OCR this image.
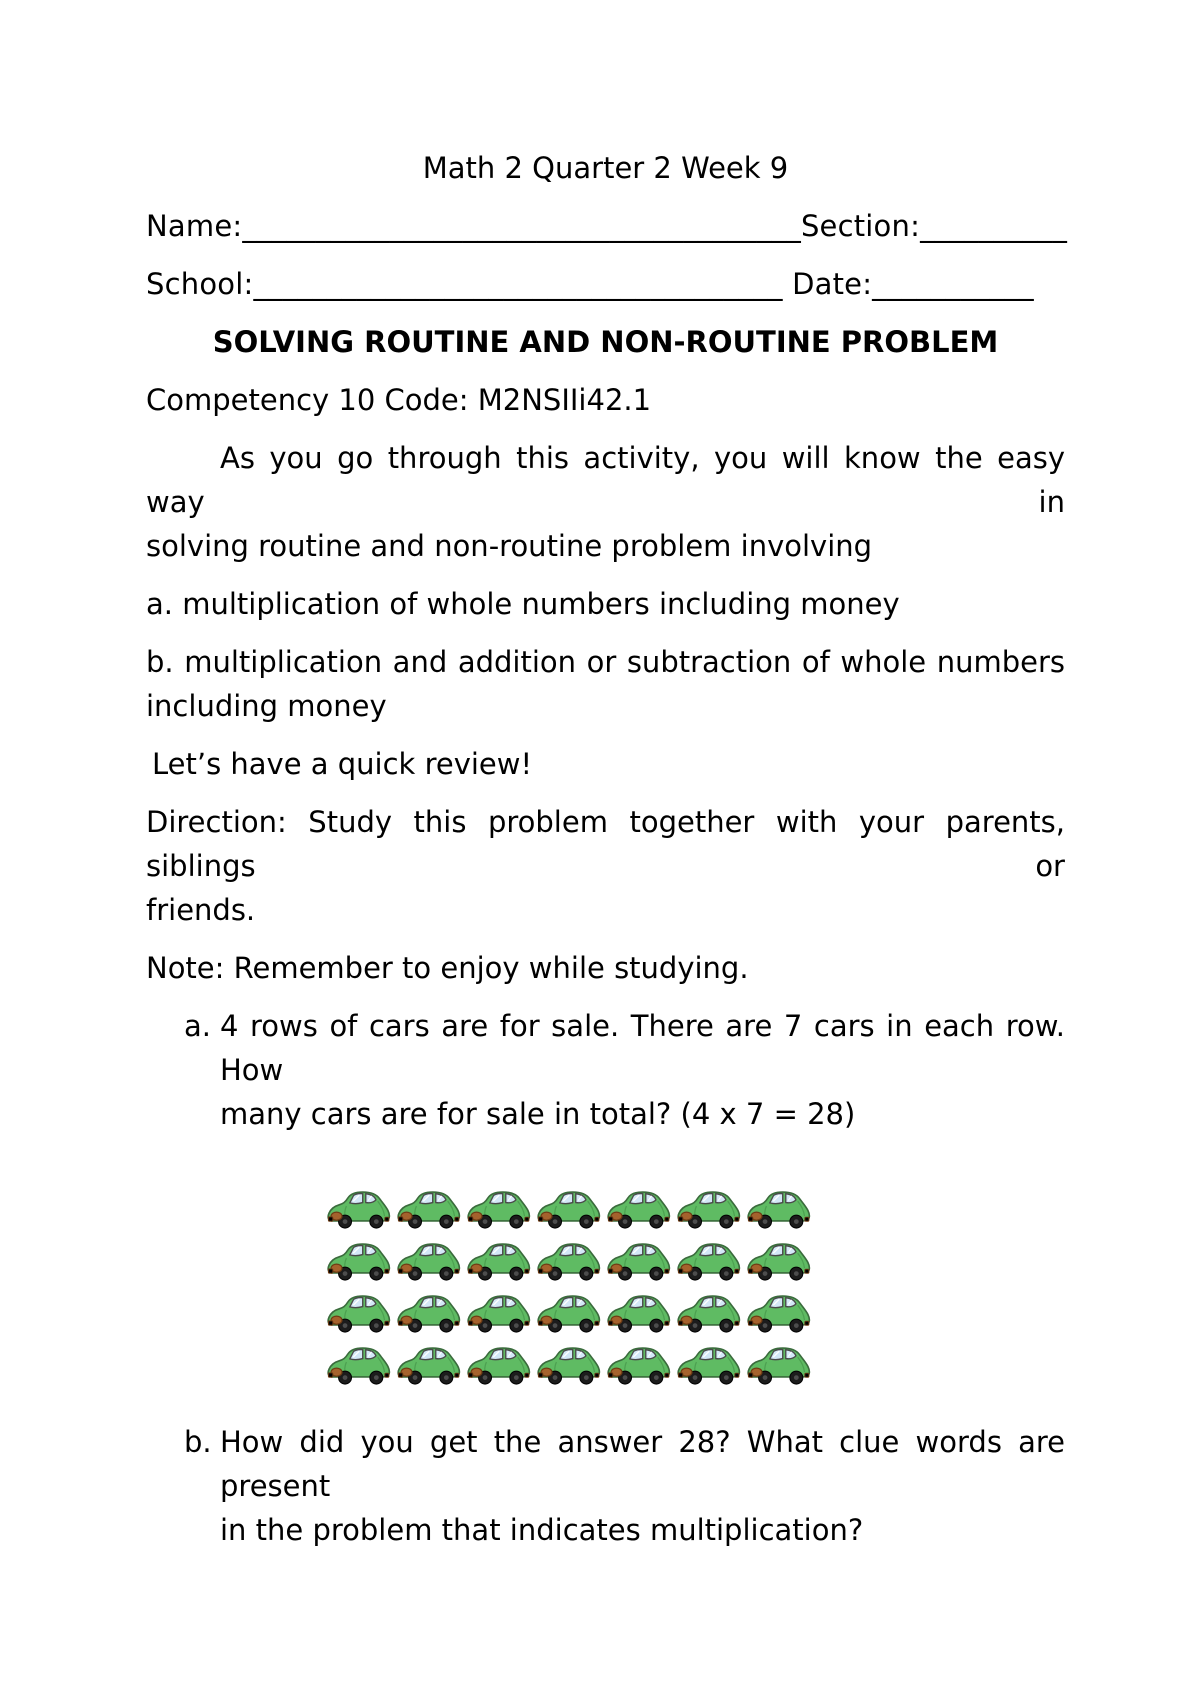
Math 2 Quarter 2 Week 9
Name:______________________________________Section:__________
School:____________________________________ Date:___________
SOLVING ROUTINE AND NON-ROUTINE PROBLEM
Competency 10 Code: M2NSIIi42.1
As you go through this activity, you will know the easy way in
solving routine and non-routine problem involving
a. multiplication of whole numbers including money
b. multiplication and addition or subtraction of whole numbers
including money
Let’s have a quick review!
Direction: Study this problem together with your parents, siblings or
friends.
Note: Remember to enjoy while studying.
a. 4 rows of cars are for sale. There are 7 cars in each row. How
many cars are for sale in total? (4 x 7 = 28)
b. How did you get the answer 28? What clue words are present
in the problem that indicates multiplication?
